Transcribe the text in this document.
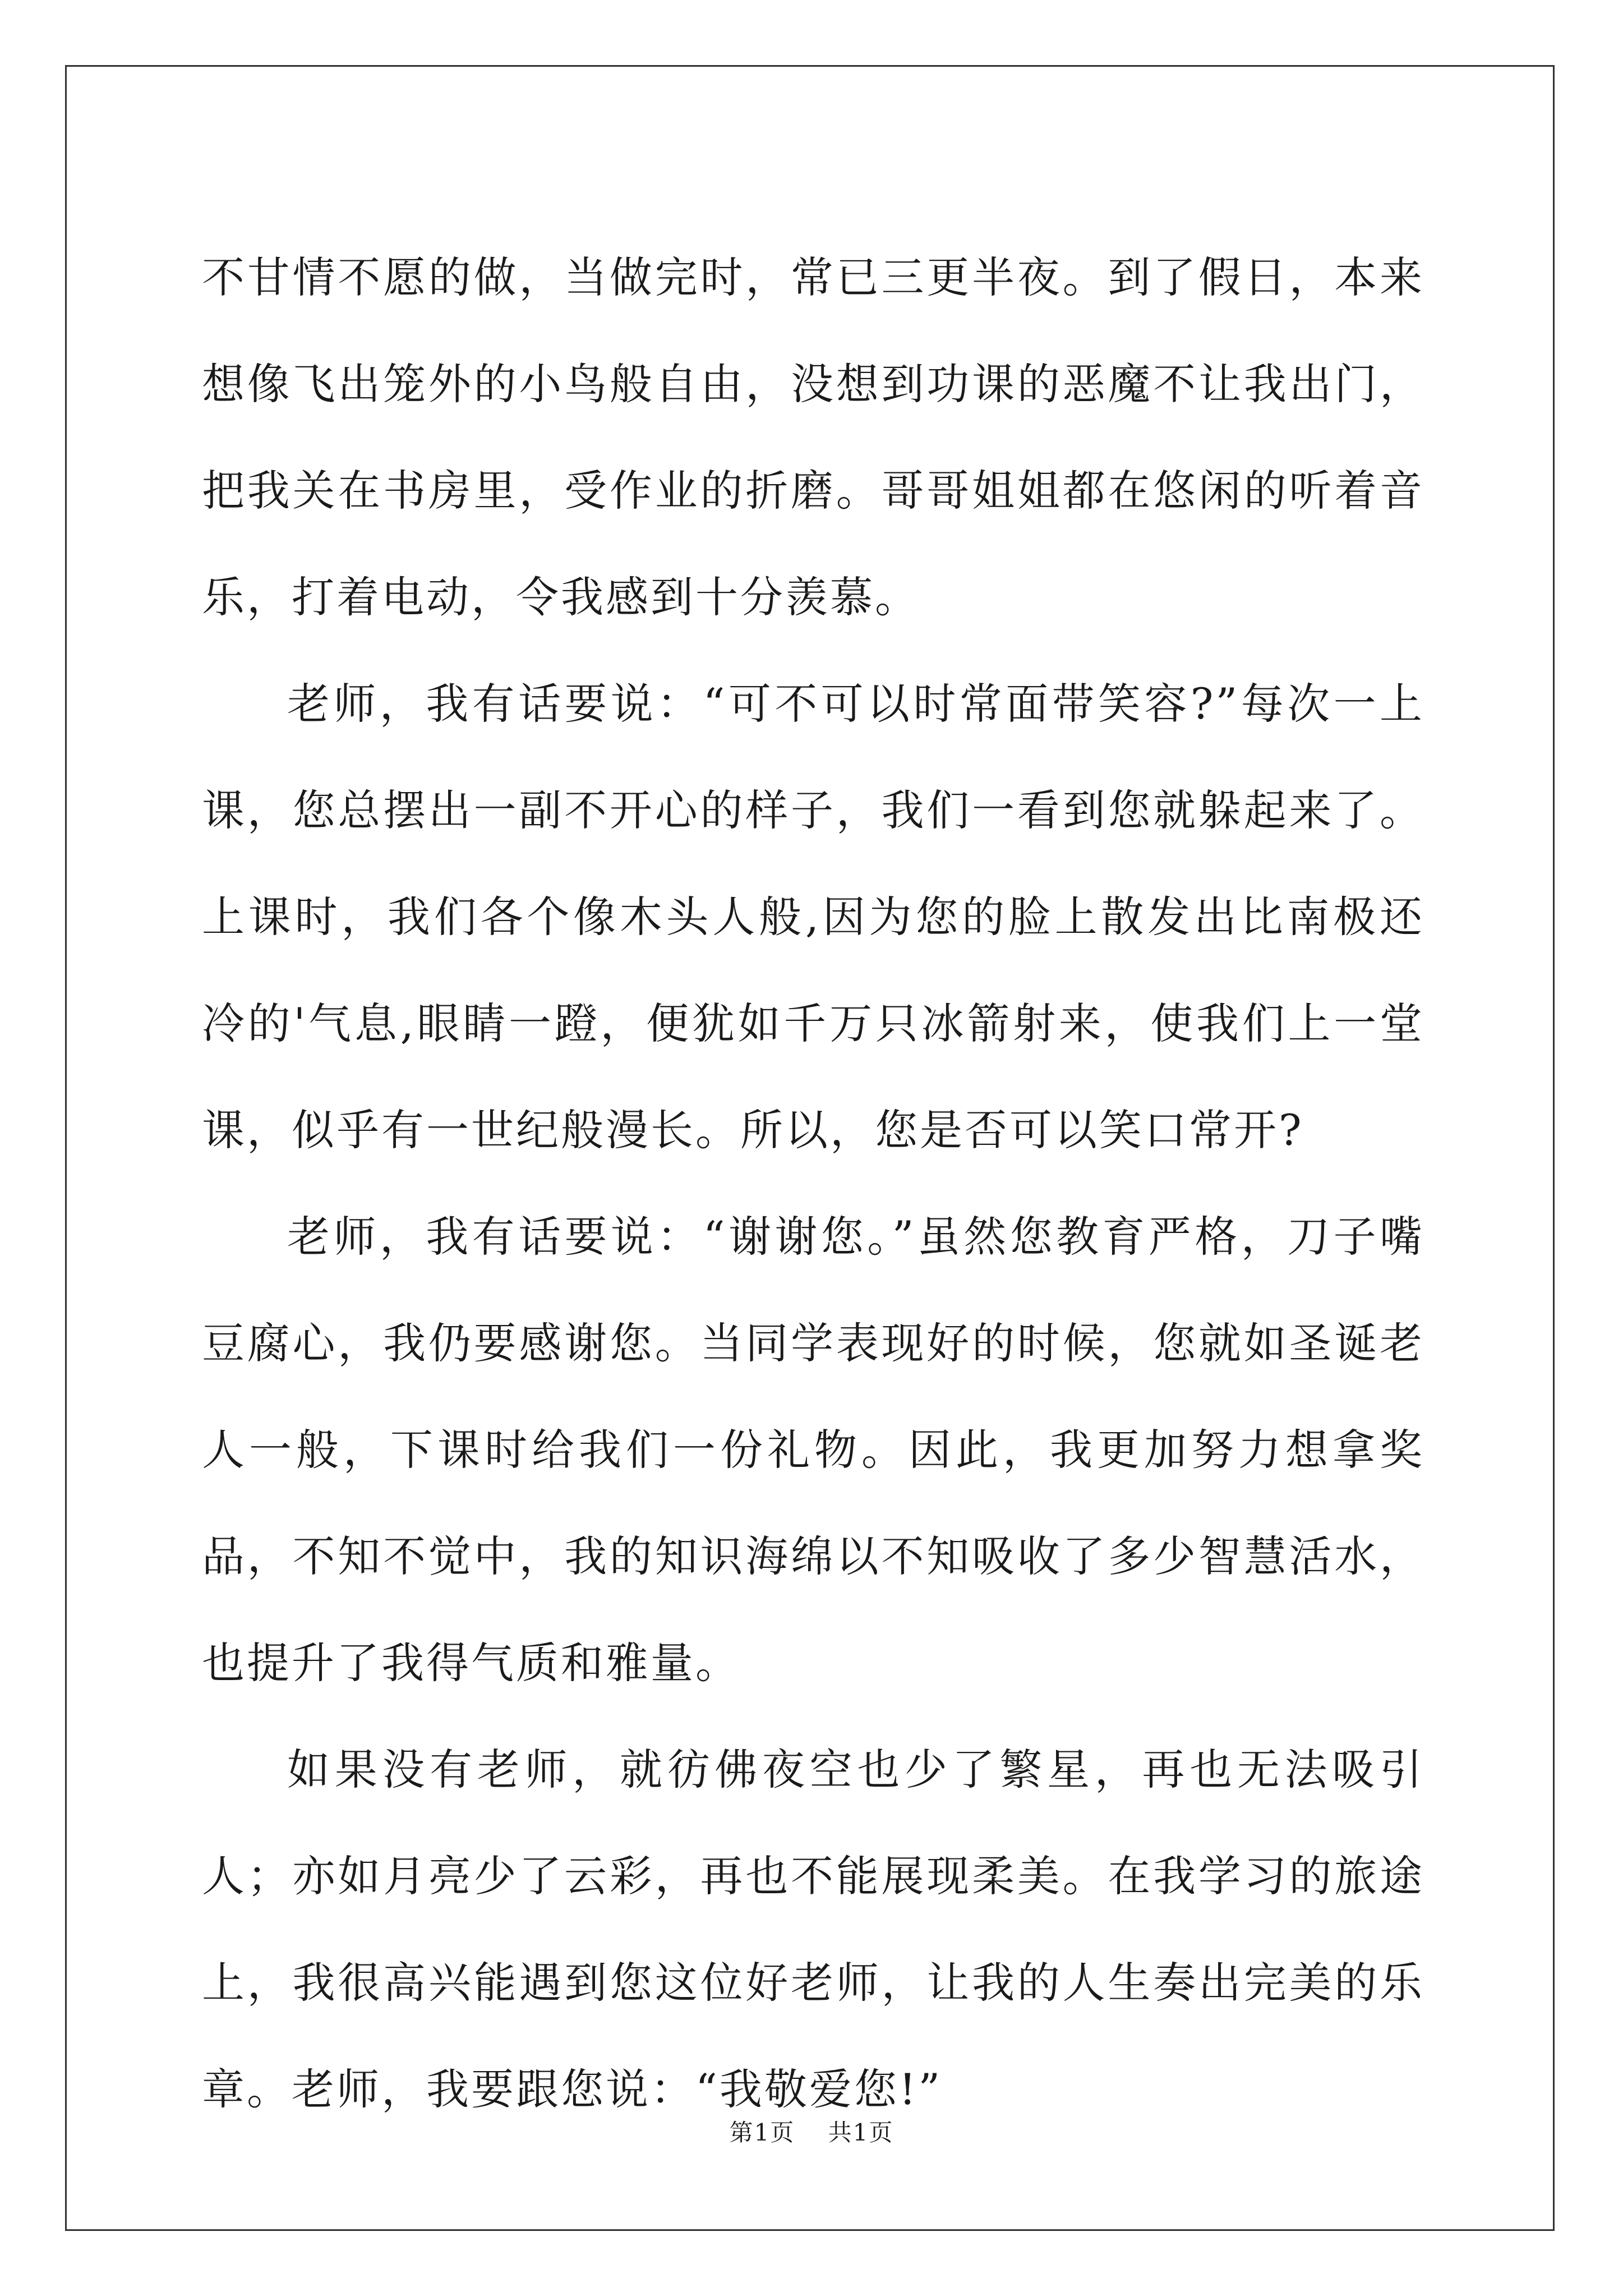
不甘情不愿的做，当做完时，常已三更半夜。到了假日，本来想像飞出笼外的小鸟般自由，没想到功课的恶魔不让我出门，把我关在书房里，受作业的折磨。哥哥姐姐都在悠闲的听着音乐，打着电动，令我感到十分羡慕。

老师，我有话要说：“可不可以时常面带笑容?”每次一上课，您总摆出一副不开心的样子，我们一看到您就躲起来了。上课时，我们各个像木头人般,因为您的脸上散发出比南极还冷的'气息,眼睛一蹬，便犹如千万只冰箭射来，使我们上一堂课，似乎有一世纪般漫长。所以，您是否可以笑口常开?

老师，我有话要说：“谢谢您。”虽然您教育严格，刀子嘴豆腐心，我仍要感谢您。当同学表现好的时候，您就如圣诞老人一般，下课时给我们一份礼物。因此，我更加努力想拿奖品，不知不觉中，我的知识海绵以不知吸收了多少智慧活水，也提升了我得气质和雅量。

如果没有老师，就彷佛夜空也少了繁星，再也无法吸引人；亦如月亮少了云彩，再也不能展现柔美。在我学习的旅途上，我很高兴能遇到您这位好老师，让我的人生奏出完美的乐章。老师，我要跟您说：“我敬爱您!”

第1页 共1页
